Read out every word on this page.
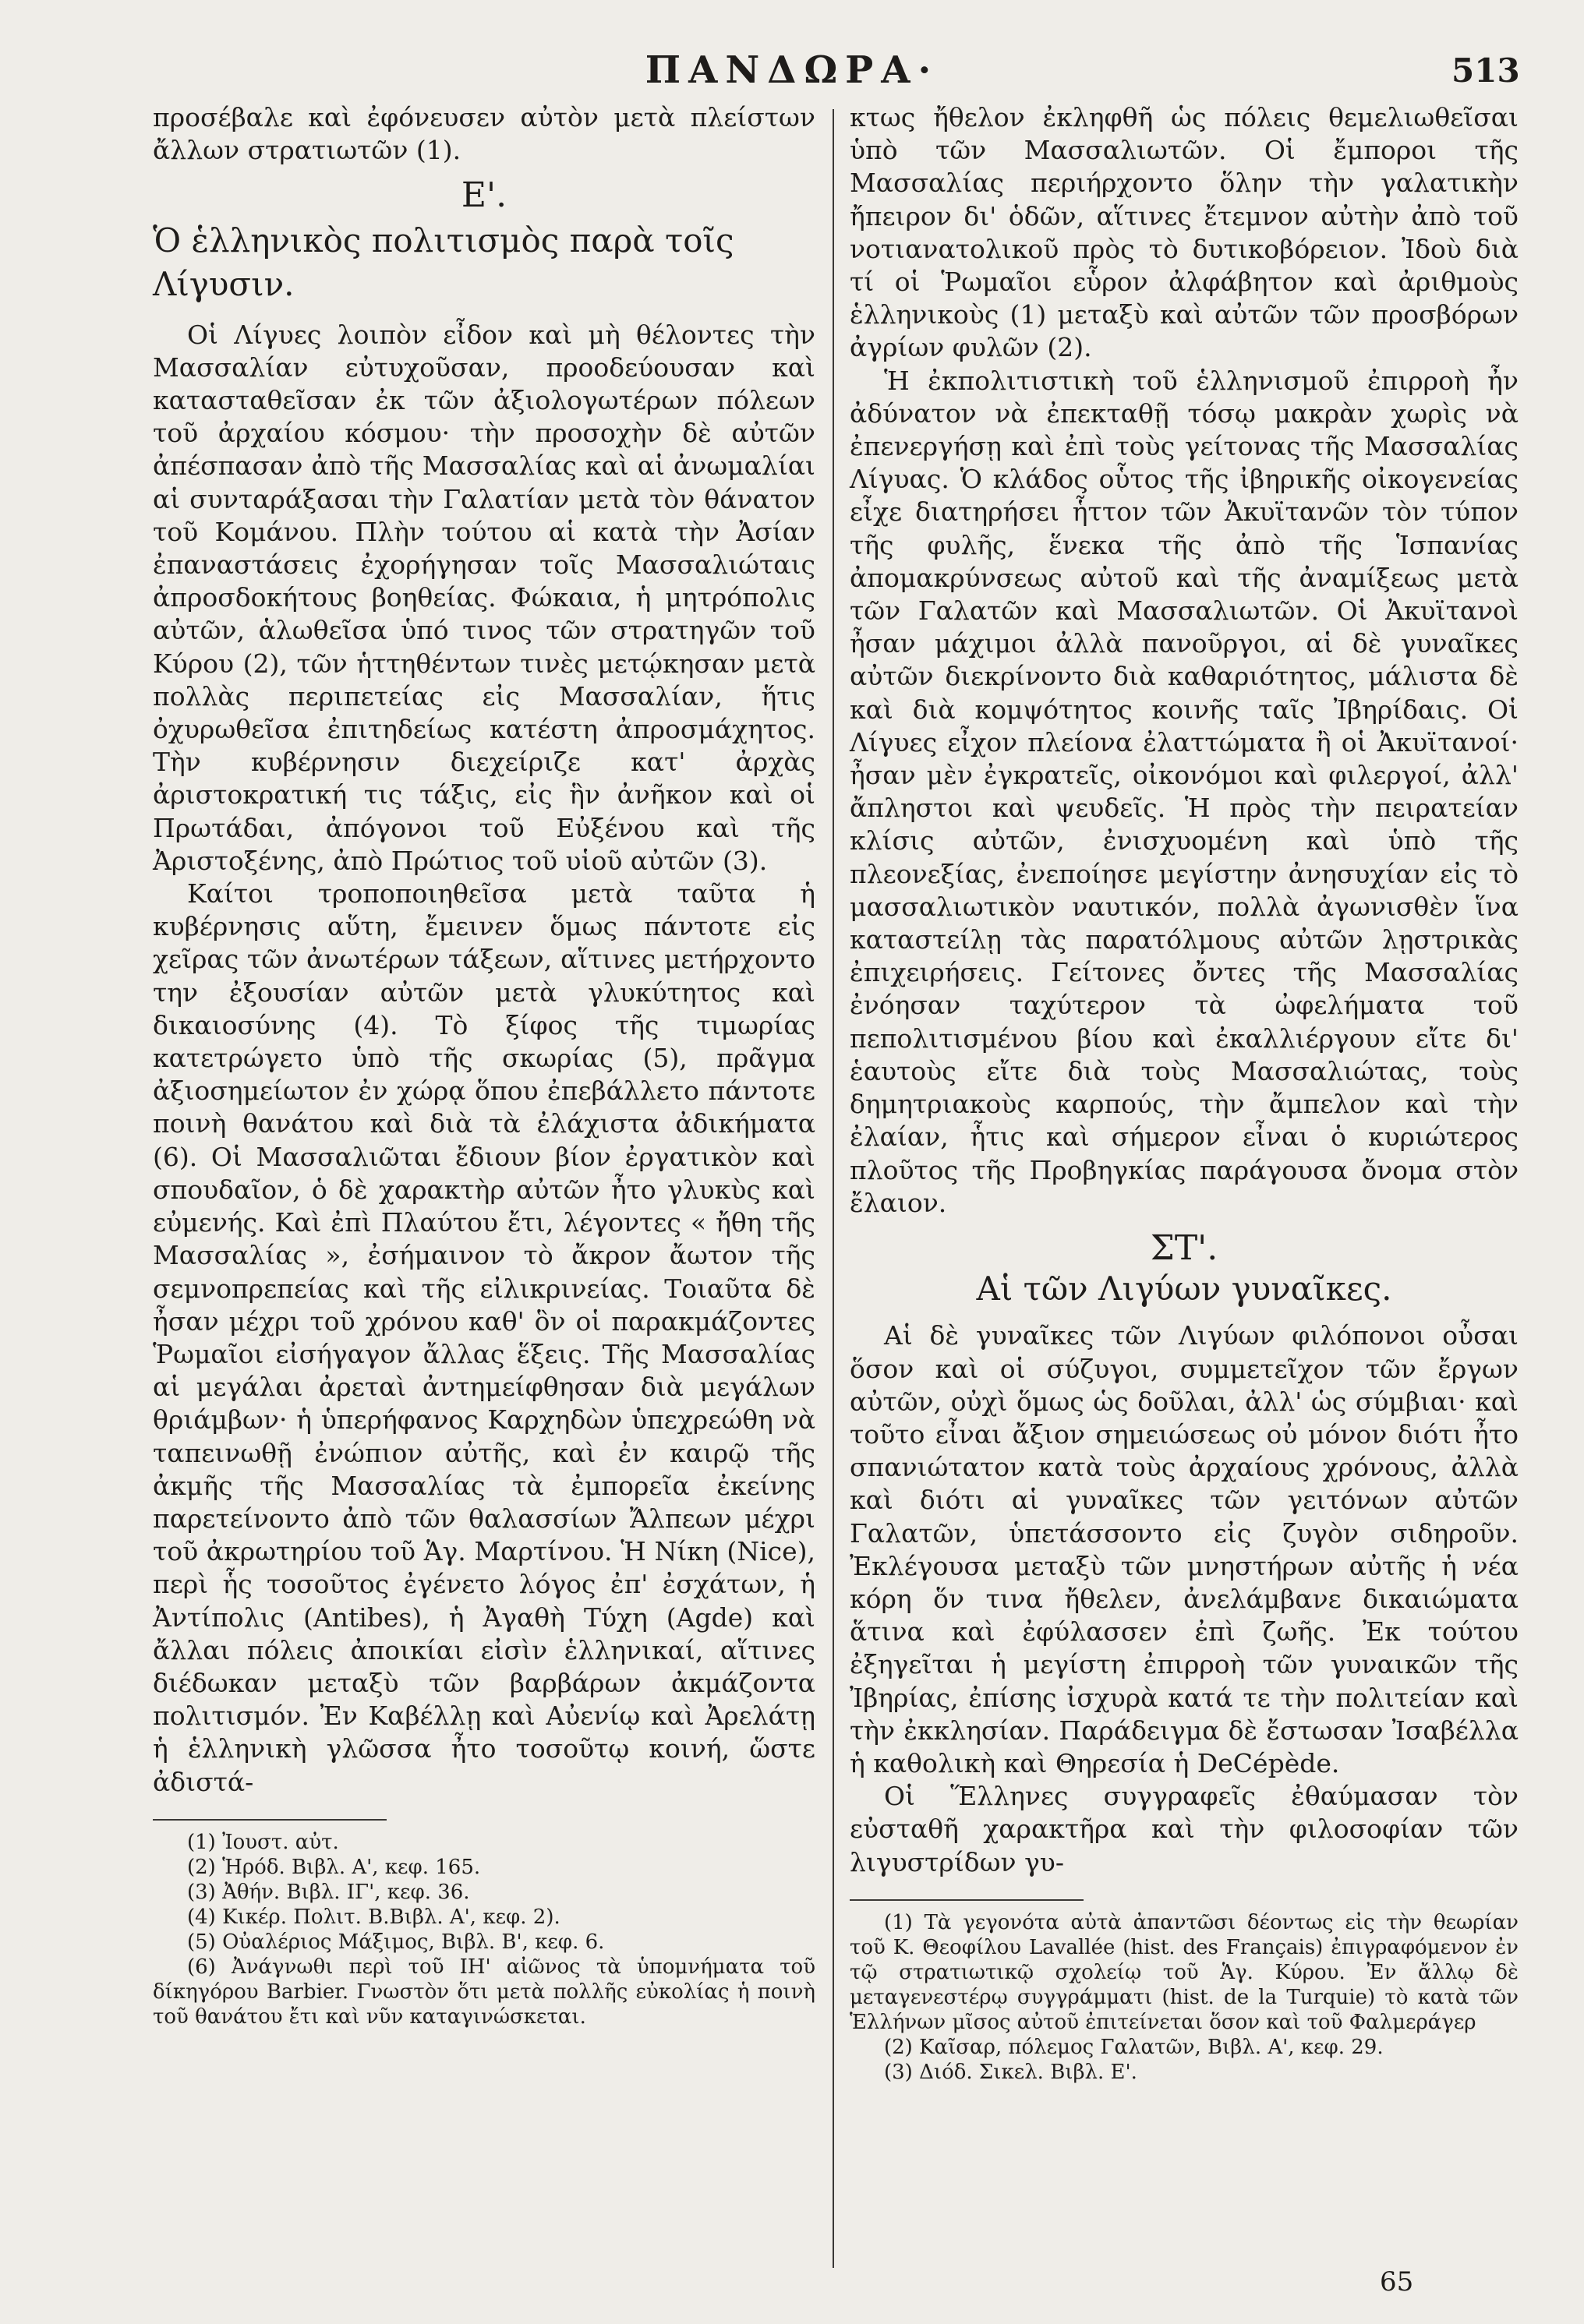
ΠΑΝΔΩΡΑ·	513

προσέβαλε καὶ ἐφόνευσεν αὐτὸν μετὰ πλείστων ἄλλων στρατιωτῶν (1).

Ε'.
Ὁ ἑλληνικὸς πολιτισμὸς παρὰ τοῖς Λίγυσιν.

Οἱ Λίγυες λοιπὸν εἶδον καὶ μὴ θέλοντες τὴν Μασσαλίαν εὐτυχοῦσαν, προοδεύουσαν καὶ κατασταθεῖσαν ἐκ τῶν ἀξιολογωτέρων πόλεων τοῦ ἀρχαίου κόσμου· τὴν προσοχὴν δὲ αὐτῶν ἀπέσπασαν ἀπὸ τῆς Μασσαλίας καὶ αἱ ἀνωμαλίαι αἱ συνταράξασαι τὴν Γαλατίαν μετὰ τὸν θάνατον τοῦ Κομάνου. Πλὴν τούτου αἱ κατὰ τὴν Ἀσίαν ἐπαναστάσεις ἐχορήγησαν τοῖς Μασσαλιώταις ἀπροσδοκήτους βοηθείας. Φώκαια, ἡ μητρόπολις αὐτῶν, ἁλωθεῖσα ὑπό τινος τῶν στρατηγῶν τοῦ Κύρου (2), τῶν ἡττηθέντων τινὲς μετῴκησαν μετὰ πολλὰς περιπετείας εἰς Μασσαλίαν, ἥτις ὀχυρωθεῖσα ἐπιτηδείως κατέστη ἀπροσμάχητος. Τὴν κυβέρνησιν διεχείριζε κατ' ἀρχὰς ἀριστοκρατική τις τάξις, εἰς ἣν ἀνῆκον καὶ οἱ Πρωτάδαι, ἀπόγονοι τοῦ Εὐξένου καὶ τῆς Ἀριστοξένης, ἀπὸ Πρώτιος τοῦ υἱοῦ αὐτῶν (3).

Καίτοι τροποποιηθεῖσα μετὰ ταῦτα ἡ κυβέρνησις αὕτη, ἔμεινεν ὅμως πάντοτε εἰς χεῖρας τῶν ἀνωτέρων τάξεων, αἵτινες μετήρχοντο την ἐξουσίαν αὐτῶν μετὰ γλυκύτητος καὶ δικαιοσύνης (4). Τὸ ξίφος τῆς τιμωρίας κατετρώγετο ὑπὸ τῆς σκωρίας (5), πρᾶγμα ἀξιοσημείωτον ἐν χώρᾳ ὅπου ἐπεβάλλετο πάντοτε ποινὴ θανάτου καὶ διὰ τὰ ἐλάχιστα ἀδικήματα (6). Οἱ Μασσαλιῶται ἔδιουν βίον ἐργατικὸν καὶ σπουδαῖον, ὁ δὲ χαρακτὴρ αὐτῶν ἦτο γλυκὺς καὶ εὐμενής. Καὶ ἐπὶ Πλαύτου ἔτι, λέγοντες « ἤθη τῆς Μασσαλίας », ἐσήμαινον τὸ ἄκρον ἄωτον τῆς σεμνοπρεπείας καὶ τῆς εἰλικρινείας. Τοιαῦτα δὲ ἦσαν μέχρι τοῦ χρόνου καθ' ὃν οἱ παρακμάζοντες Ῥωμαῖοι εἰσήγαγον ἄλλας ἕξεις. Τῆς Μασσαλίας αἱ μεγάλαι ἀρεταὶ ἀντημείφθησαν διὰ μεγάλων θριάμβων· ἡ ὑπερήφανος Καρχηδὼν ὑπεχρεώθη νὰ ταπεινωθῇ ἐνώπιον αὐτῆς, καὶ ἐν καιρῷ τῆς ἀκμῆς τῆς Μασσαλίας τὰ ἐμπορεῖα ἐκείνης παρετείνοντο ἀπὸ τῶν θαλασσίων Ἄλπεων μέχρι τοῦ ἀκρωτηρίου τοῦ Ἁγ. Μαρτίνου. Ἡ Νίκη (Nice), περὶ ἧς τοσοῦτος ἐγένετο λόγος ἐπ' ἐσχάτων, ἡ Ἀντίπολις (Antibes), ἡ Ἀγαθὴ Τύχη (Agde) καὶ ἄλλαι πόλεις ἀποικίαι εἰσὶν ἑλληνικαί, αἵτινες διέδωκαν μεταξὺ τῶν βαρβάρων ἀκμάζοντα πολιτισμόν. Ἐν Καβέλλῃ καὶ Αὐενίῳ καὶ Ἀρελάτῃ ἡ ἑλληνικὴ γλῶσσα ἦτο τοσοῦτῳ κοινή, ὥστε ἀδιστά-

(1) Ἰουστ. αὐτ.

(2) Ἡρόδ. Βιβλ. Α', κεφ. 165.

(3) Ἀθήν. Βιβλ. ΙΓ', κεφ. 36.

(4) Κικέρ. Πολιτ. Β.Βιβλ. Α', κεφ. 2).

(5) Οὐαλέριος Μάξιμος, Βιβλ. Β', κεφ. 6.

(6) Ἀνάγνωθι περὶ τοῦ ΙΗ' αἰῶνος τὰ ὑπομνήματα τοῦ δίκηγόρου Barbier. Γνωστὸν ὅτι μετὰ πολλῆς εὐκολίας ἡ ποινὴ τοῦ θανάτου ἔτι καὶ νῦν καταγινώσκεται.

κτως ἤθελον ἐκληφθῆ ὡς πόλεις θεμελιωθεῖσαι ὑπὸ τῶν Μασσαλιωτῶν. Οἱ ἔμποροι τῆς Μασσαλίας περιήρχοντο ὅλην τὴν γαλατικὴν ἤπειρον δι' ὁδῶν, αἵτινες ἔτεμνον αὐτὴν ἀπὸ τοῦ νοτιανατολικοῦ πρὸς τὸ δυτικοβόρειον. Ἰδοὺ διὰ τί οἱ Ῥωμαῖοι εὗρον ἀλφάβητον καὶ ἀριθμοὺς ἑλληνικοὺς (1) μεταξὺ καὶ αὐτῶν τῶν προσβόρων ἀγρίων φυλῶν (2).

Ἡ ἐκπολιτιστικὴ τοῦ ἑλληνισμοῦ ἐπιρροὴ ἦν ἀδύνατον νὰ ἐπεκταθῇ τόσῳ μακρὰν χωρὶς νὰ ἐπενεργήσῃ καὶ ἐπὶ τοὺς γείτονας τῆς Μασσαλίας Λίγυας. Ὁ κλάδος οὗτος τῆς ἰβηρικῆς οἰκογενείας εἶχε διατηρήσει ἧττον τῶν Ἀκυϊτανῶν τὸν τύπον τῆς φυλῆς, ἕνεκα τῆς ἀπὸ τῆς Ἱσπανίας ἀπομακρύνσεως αὐτοῦ καὶ τῆς ἀναμίξεως μετὰ τῶν Γαλατῶν καὶ Μασσαλιωτῶν. Οἱ Ἀκυϊτανοὶ ἦσαν μάχιμοι ἀλλὰ πανοῦργοι, αἱ δὲ γυναῖκες αὐτῶν διεκρίνοντο διὰ καθαριότητος, μάλιστα δὲ καὶ διὰ κομψότητος κοινῆς ταῖς Ἰβηρίδαις. Οἱ Λίγυες εἶχον πλείονα ἐλαττώματα ἢ οἱ Ἀκυϊτανοί· ἦσαν μὲν ἐγκρατεῖς, οἰκονόμοι καὶ φιλεργοί, ἀλλ' ἄπληστοι καὶ ψευδεῖς. Ἡ πρὸς τὴν πειρατείαν κλίσις αὐτῶν, ἐνισχυομένη καὶ ὑπὸ τῆς πλεονεξίας, ἐνεποίησε μεγίστην ἀνησυχίαν εἰς τὸ μασσαλιωτικὸν ναυτικόν, πολλὰ ἀγωνισθὲν ἵνα καταστείλῃ τὰς παρατόλμους αὐτῶν λῃστρικὰς ἐπιχειρήσεις. Γείτονες ὄντες τῆς Μασσαλίας ἐνόησαν ταχύτερον τὰ ὠφελήματα τοῦ πεπολιτισμένου βίου καὶ ἐκαλλιέργουν εἴτε δι' ἑαυτοὺς εἴτε διὰ τοὺς Μασσαλιώτας, τοὺς δημητριακοὺς καρπούς, τὴν ἄμπελον καὶ τὴν ἐλαίαν, ἧτις καὶ σήμερον εἶναι ὁ κυριώτερος πλοῦτος τῆς Προβηγκίας παράγουσα ὄνομα στὸν ἔλαιον.

ΣΤ'.
Αἱ τῶν Λιγύων γυναῖκες.

Αἱ δὲ γυναῖκες τῶν Λιγύων φιλόπονοι οὖσαι ὅσον καὶ οἱ σύζυγοι, συμμετεῖχον τῶν ἔργων αὐτῶν, οὐχὶ ὅμως ὡς δοῦλαι, ἀλλ' ὡς σύμβιαι· καὶ τοῦτο εἶναι ἄξιον σημειώσεως οὐ μόνον διότι ἦτο σπανιώτατον κατὰ τοὺς ἀρχαίους χρόνους, ἀλλὰ καὶ διότι αἱ γυναῖκες τῶν γειτόνων αὐτῶν Γαλατῶν, ὑπετάσσοντο εἰς ζυγὸν σιδηροῦν. Ἐκλέγουσα μεταξὺ τῶν μνηστήρων αὐτῆς ἡ νέα κόρη ὅν τινα ἤθελεν, ἀνελάμβανε δικαιώματα ἅτινα καὶ ἐφύλασσεν ἐπὶ ζωῆς. Ἐκ τούτου ἐξηγεῖται ἡ μεγίστη ἐπιρροὴ τῶν γυναικῶν τῆς Ἰβηρίας, ἐπίσης ἰσχυρὰ κατά τε τὴν πολιτείαν καὶ τὴν ἐκκλησίαν. Παράδειγμα δὲ ἔστωσαν Ἰσαβέλλα ἡ καθολικὴ καὶ Θηρεσία ἡ DeCépède.

Οἱ Ἕλληνες συγγραφεῖς ἐθαύμασαν τὸν εὐσταθῆ χαρακτῆρα καὶ τὴν φιλοσοφίαν τῶν λιγυστρίδων γυ-

(1) Τὰ γεγονότα αὐτὰ ἀπαντῶσι δέοντως εἰς τὴν θεωρίαν τοῦ Κ. Θεοφίλου Lavallée (hist. des Français) ἐπιγραφόμενον ἐν τῷ στρατιωτικῷ σχολείῳ τοῦ Ἁγ. Κύρου. Ἐν ἄλλῳ δὲ μεταγενεστέρῳ συγγράμματι (hist. de la Turquie) τὸ κατὰ τῶν Ἑλλήνων μῖσος αὐτοῦ ἐπιτείνεται ὅσον καὶ τοῦ Φαλμεράγερ

(2) Καῖσαρ, πόλεμος Γαλατῶν, Βιβλ. Α', κεφ. 29.

(3) Διόδ. Σικελ. Βιβλ. Ε'.

65
